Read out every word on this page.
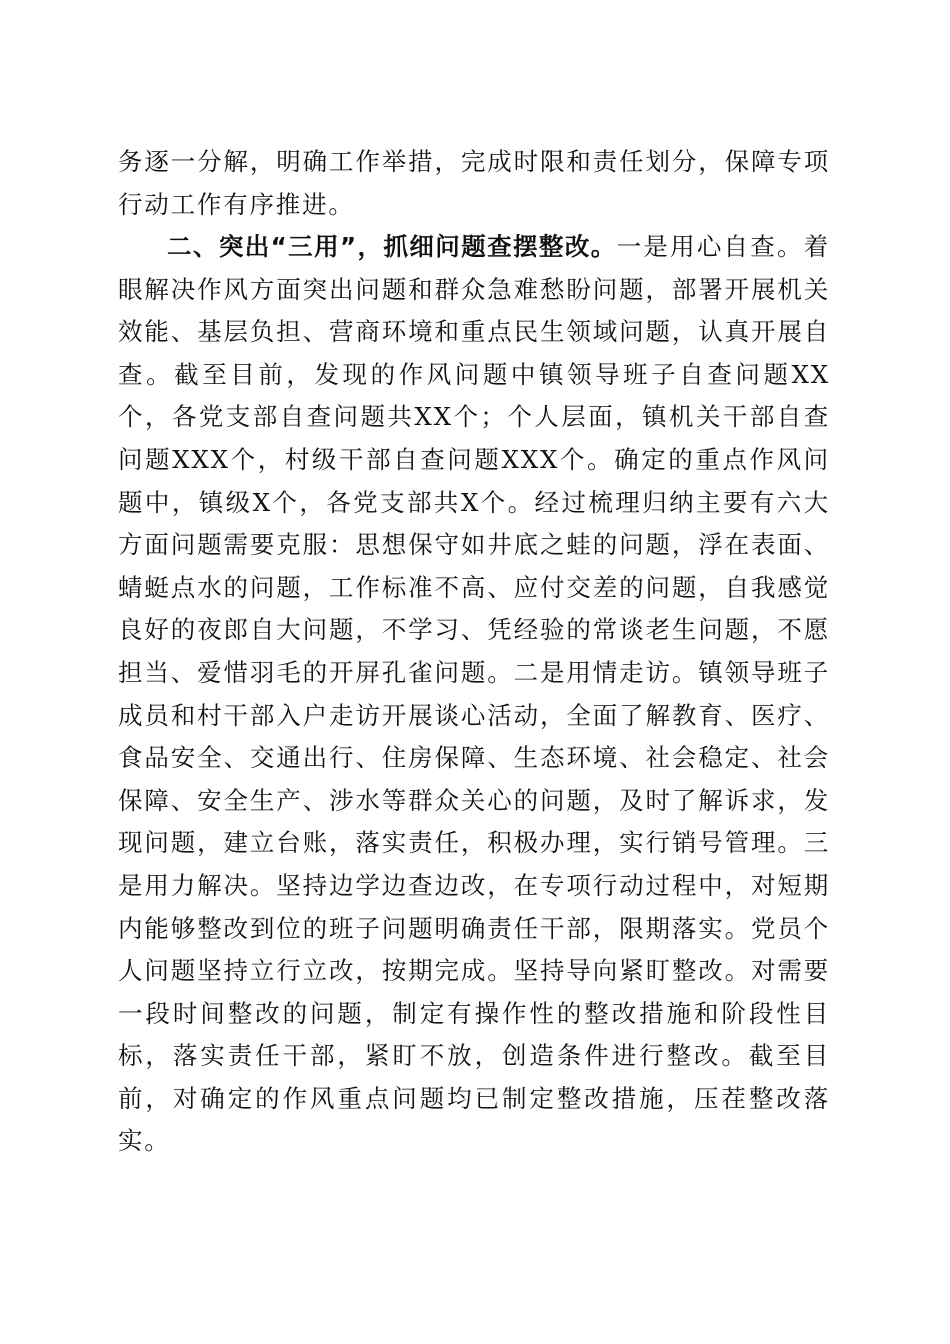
务逐一分解，明确工作举措，完成时限和责任划分，保障专项行动工作有序推进。

二、突出“三用”，抓细问题查摆整改。一是用心自查。着眼解决作风方面突出问题和群众急难愁盼问题，部署开展机关效能、基层负担、营商环境和重点民生领域问题，认真开展自查。截至目前，发现的作风问题中镇领导班子自查问题XX个，各党支部自查问题共XX个；个人层面，镇机关干部自查问题XXX个，村级干部自查问题XXX个。确定的重点作风问题中，镇级X个，各党支部共X个。经过梳理归纳主要有六大方面问题需要克服：思想保守如井底之蛙的问题，浮在表面、蜻蜓点水的问题，工作标准不高、应付交差的问题，自我感觉良好的夜郎自大问题，不学习、凭经验的常谈老生问题，不愿担当、爱惜羽毛的开屏孔雀问题。二是用情走访。镇领导班子成员和村干部入户走访开展谈心活动，全面了解教育、医疗、食品安全、交通出行、住房保障、生态环境、社会稳定、社会保障、安全生产、涉水等群众关心的问题，及时了解诉求，发现问题，建立台账，落实责任，积极办理，实行销号管理。三是用力解决。坚持边学边查边改，在专项行动过程中，对短期内能够整改到位的班子问题明确责任干部，限期落实。党员个人问题坚持立行立改，按期完成。坚持导向紧盯整改。对需要一段时间整改的问题，制定有操作性的整改措施和阶段性目标，落实责任干部，紧盯不放，创造条件进行整改。截至目前，对确定的作风重点问题均已制定整改措施，压茬整改落实。
